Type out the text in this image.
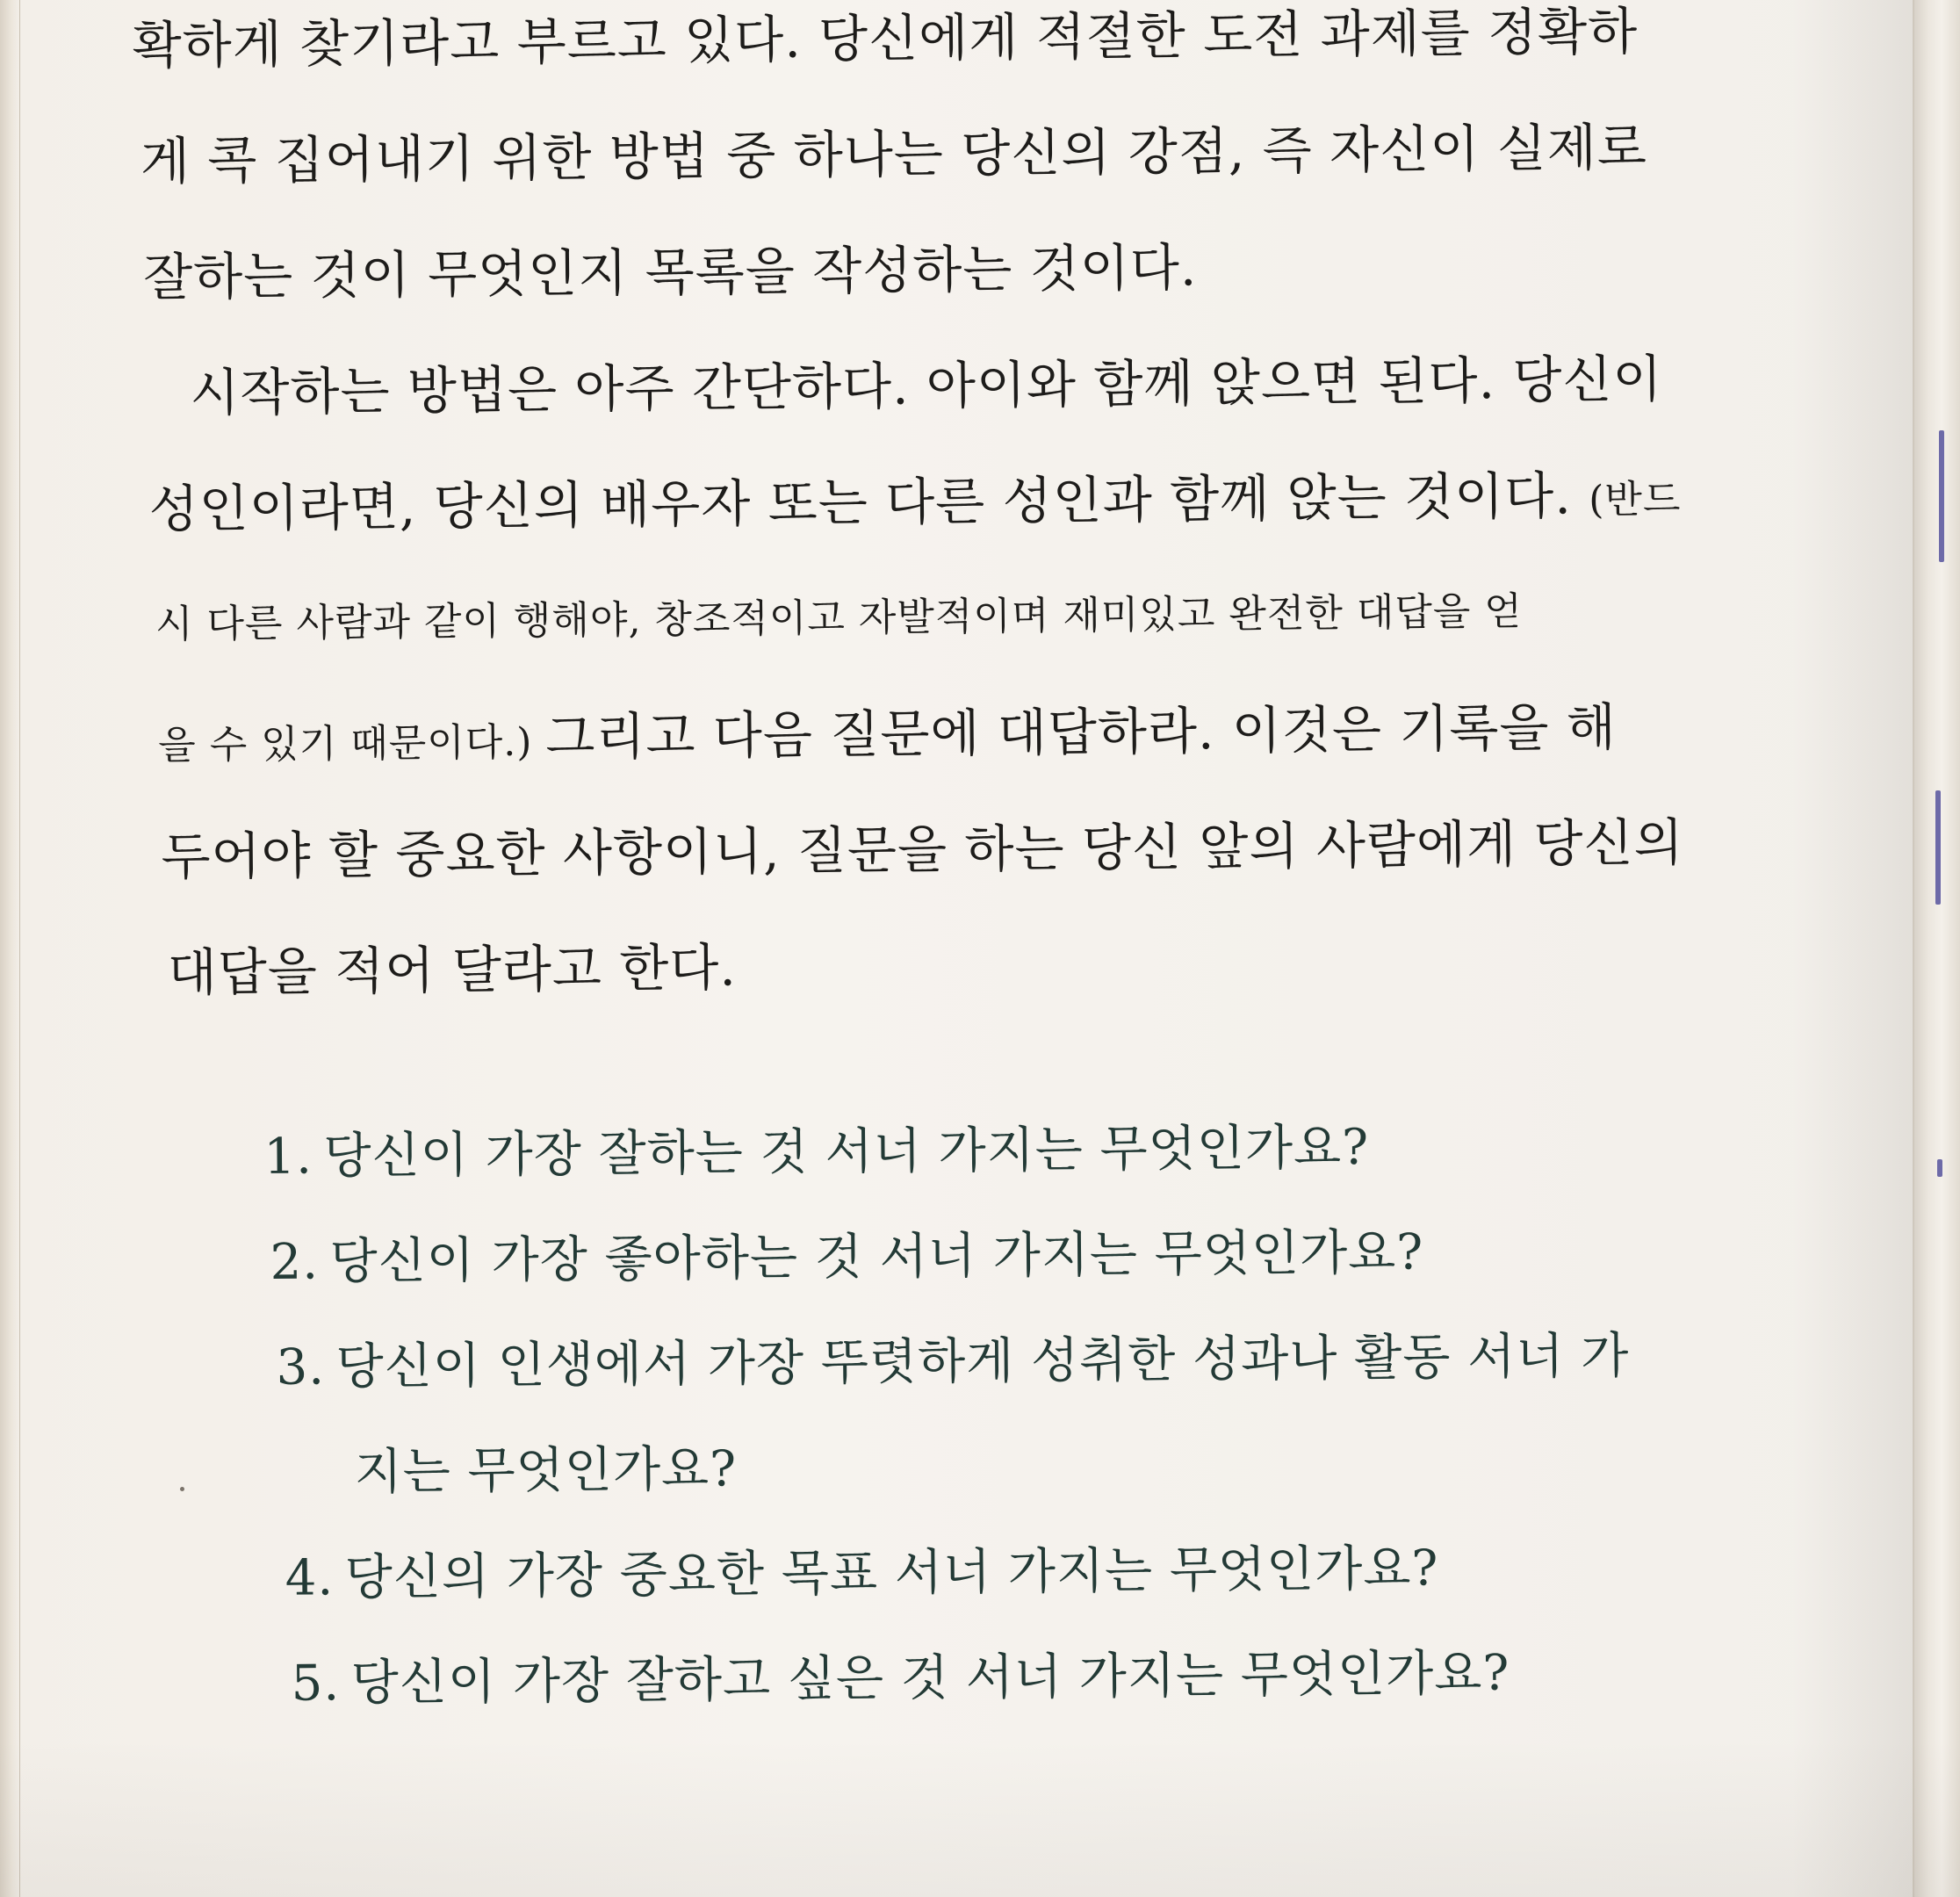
확하게 찾기라고 부르고 있다. 당신에게 적절한 도전 과제를 정확하
게 콕 집어내기 위한 방법 중 하나는 당신의 강점, 즉 자신이 실제로
잘하는 것이 무엇인지 목록을 작성하는 것이다.
시작하는 방법은 아주 간단하다. 아이와 함께 앉으면 된다. 당신이
성인이라면, 당신의 배우자 또는 다른 성인과 함께 앉는 것이다. (반드
시 다른 사람과 같이 행해야, 창조적이고 자발적이며 재미있고 완전한 대답을 얻
을 수 있기 때문이다.) 그리고 다음 질문에 대답하라. 이것은 기록을 해
두어야 할 중요한 사항이니, 질문을 하는 당신 앞의 사람에게 당신의
대답을 적어 달라고 한다.
1. 당신이 가장 잘하는 것 서너 가지는 무엇인가요?
2. 당신이 가장 좋아하는 것 서너 가지는 무엇인가요?
3. 당신이 인생에서 가장 뚜렷하게 성취한 성과나 활동 서너 가
지는 무엇인가요?
4. 당신의 가장 중요한 목표 서너 가지는 무엇인가요?
5. 당신이 가장 잘하고 싶은 것 서너 가지는 무엇인가요?
